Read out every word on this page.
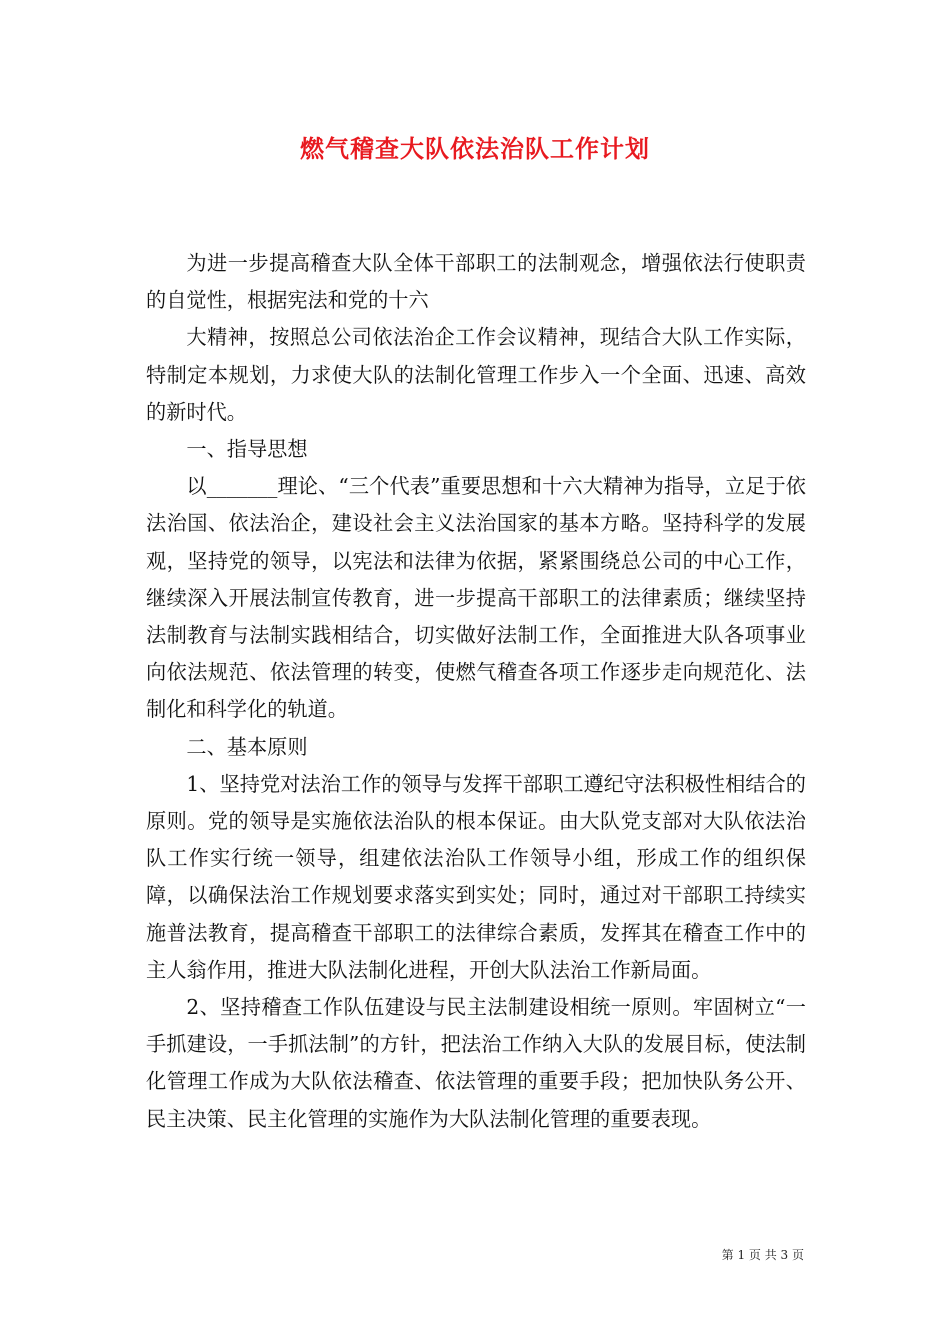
燃气稽查大队依法治队工作计划

为进一步提高稽查大队全体干部职工的法制观念，增强依法行使职责的自觉性，根据宪法和党的十六

大精神，按照总公司依法治企工作会议精神，现结合大队工作实际，特制定本规划，力求使大队的法制化管理工作步入一个全面、迅速、高效的新时代。

一、指导思想

以_______理论、“三个代表”重要思想和十六大精神为指导，立足于依法治国、依法治企，建设社会主义法治国家的基本方略。坚持科学的发展观，坚持党的领导，以宪法和法律为依据，紧紧围绕总公司的中心工作，继续深入开展法制宣传教育，进一步提高干部职工的法律素质；继续坚持法制教育与法制实践相结合，切实做好法制工作，全面推进大队各项事业向依法规范、依法管理的转变，使燃气稽查各项工作逐步走向规范化、法制化和科学化的轨道。

二、基本原则

1、坚持党对法治工作的领导与发挥干部职工遵纪守法积极性相结合的原则。党的领导是实施依法治队的根本保证。由大队党支部对大队依法治队工作实行统一领导，组建依法治队工作领导小组，形成工作的组织保障，以确保法治工作规划要求落实到实处；同时，通过对干部职工持续实施普法教育，提高稽查干部职工的法律综合素质，发挥其在稽查工作中的主人翁作用，推进大队法制化进程，开创大队法治工作新局面。

2、坚持稽查工作队伍建设与民主法制建设相统一原则。牢固树立“一手抓建设，一手抓法制”的方针，把法治工作纳入大队的发展目标，使法制化管理工作成为大队依法稽查、依法管理的重要手段；把加快队务公开、民主决策、民主化管理的实施作为大队法制化管理的重要表现。

第 1 页 共 3 页
